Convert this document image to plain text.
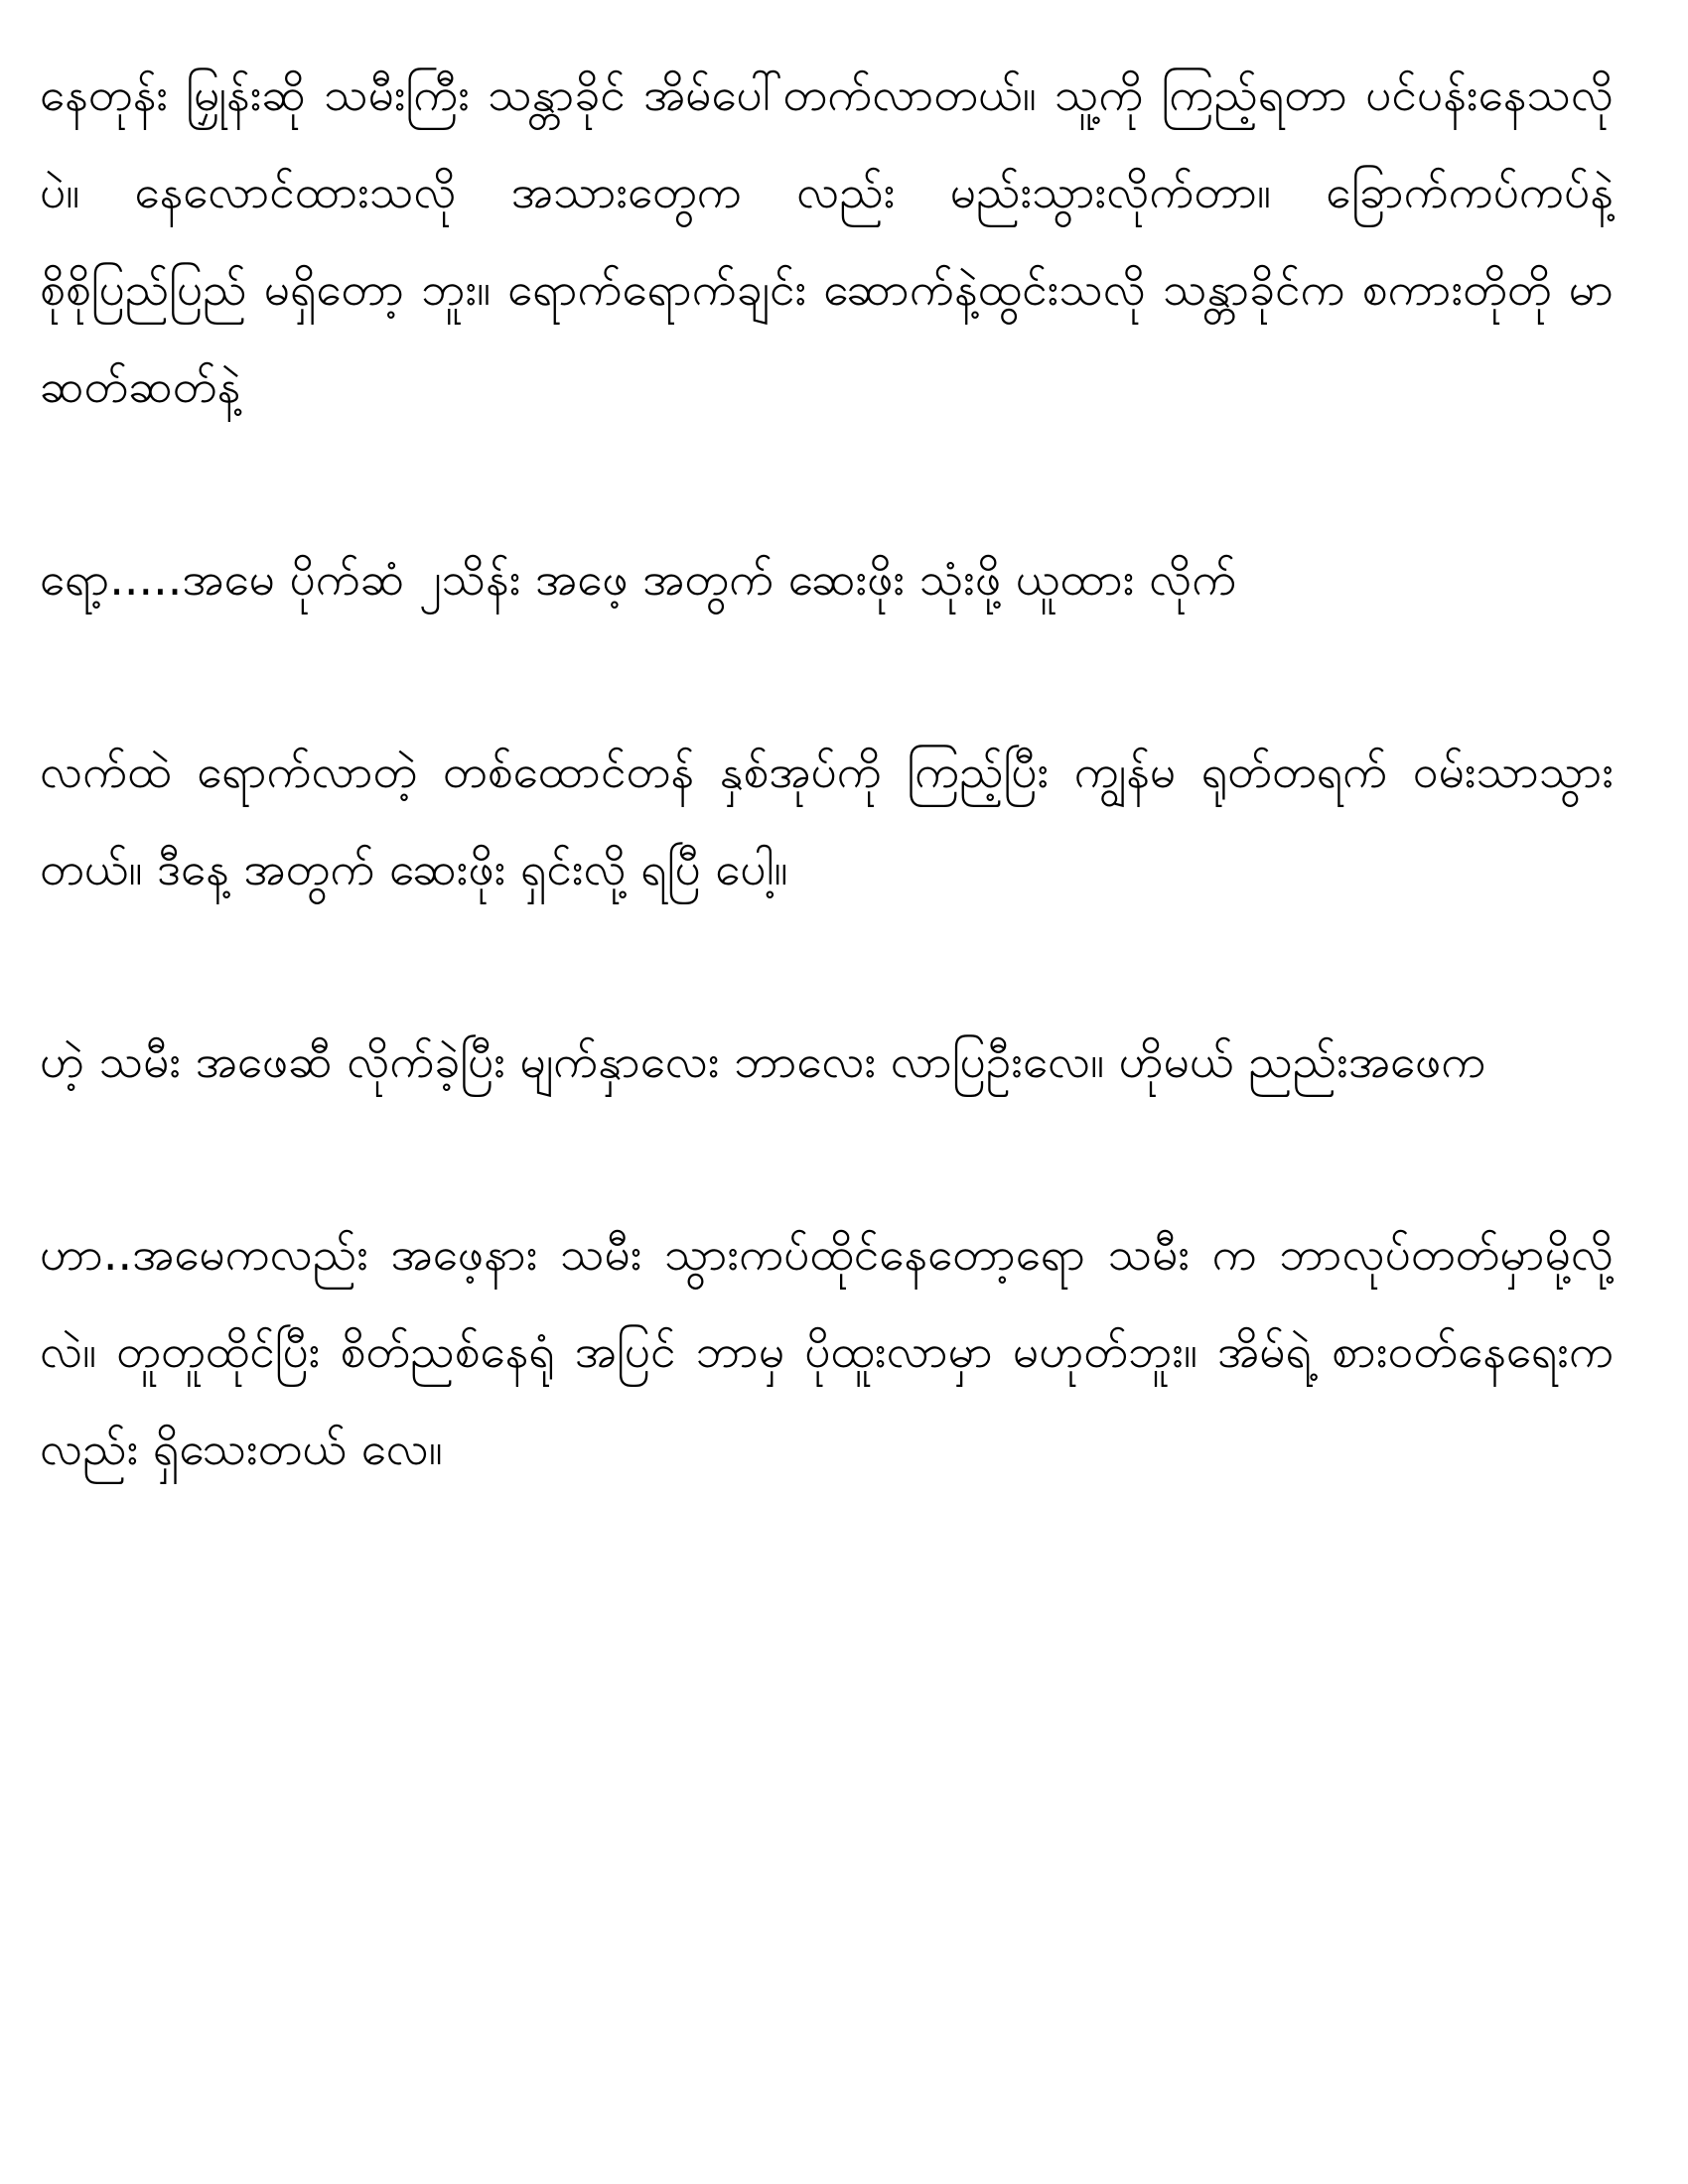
နေတုန်း မြှုန်းဆို သမီးကြီး သန္တာခိုင် အိမ်ပေါ်တက်လာတယ်။ သူ့ကို ကြည့်ရတာ ပင်ပန်းနေသလိုပဲ။ နေလောင်ထားသလို အသားတွေက လည်း မည်းသွားလိုက်တာ။ ခြောက်ကပ်ကပ်နဲ့ စိုစိုပြည်ပြည် မရှိတော့ ဘူး။ ရောက်ရောက်ချင်း ဆောက်နဲ့ထွင်းသလို သန္တာခိုင်က စကားတိုတို မာဆတ်ဆတ်နဲ့

ရော့.....အမေ ပိုက်ဆံ ၂သိန်း အဖေ့ အတွက် ဆေးဖိုး သုံးဖို့ ယူထား လိုက်

လက်ထဲ ရောက်လာတဲ့ တစ်ထောင်တန် နှစ်အုပ်ကို ကြည့်ပြီး ကျွန်မ ရုတ်တရက် ဝမ်းသာသွားတယ်။ ဒီနေ့ အတွက် ဆေးဖိုး ရှင်းလို့ ရပြီ ပေါ့။

ဟဲ့ သမီး အဖေဆီ လိုက်ခဲ့ပြီး မျက်နှာလေး ဘာလေး လာပြဦးလေ။ ဟိုမယ် ညည်းအဖေက

ဟာ..အမေကလည်း အဖေ့နား သမီး သွားကပ်ထိုင်နေတော့ရော သမီး က ဘာလုပ်တတ်မှာမို့လို့လဲ။ တူတူထိုင်ပြီး စိတ်ညစ်နေရုံ အပြင် ဘာမှ ပိုထူးလာမှာ မဟုတ်ဘူး။ အိမ်ရဲ့ စားဝတ်နေရေးကလည်း ရှိသေးတယ် လေ။
